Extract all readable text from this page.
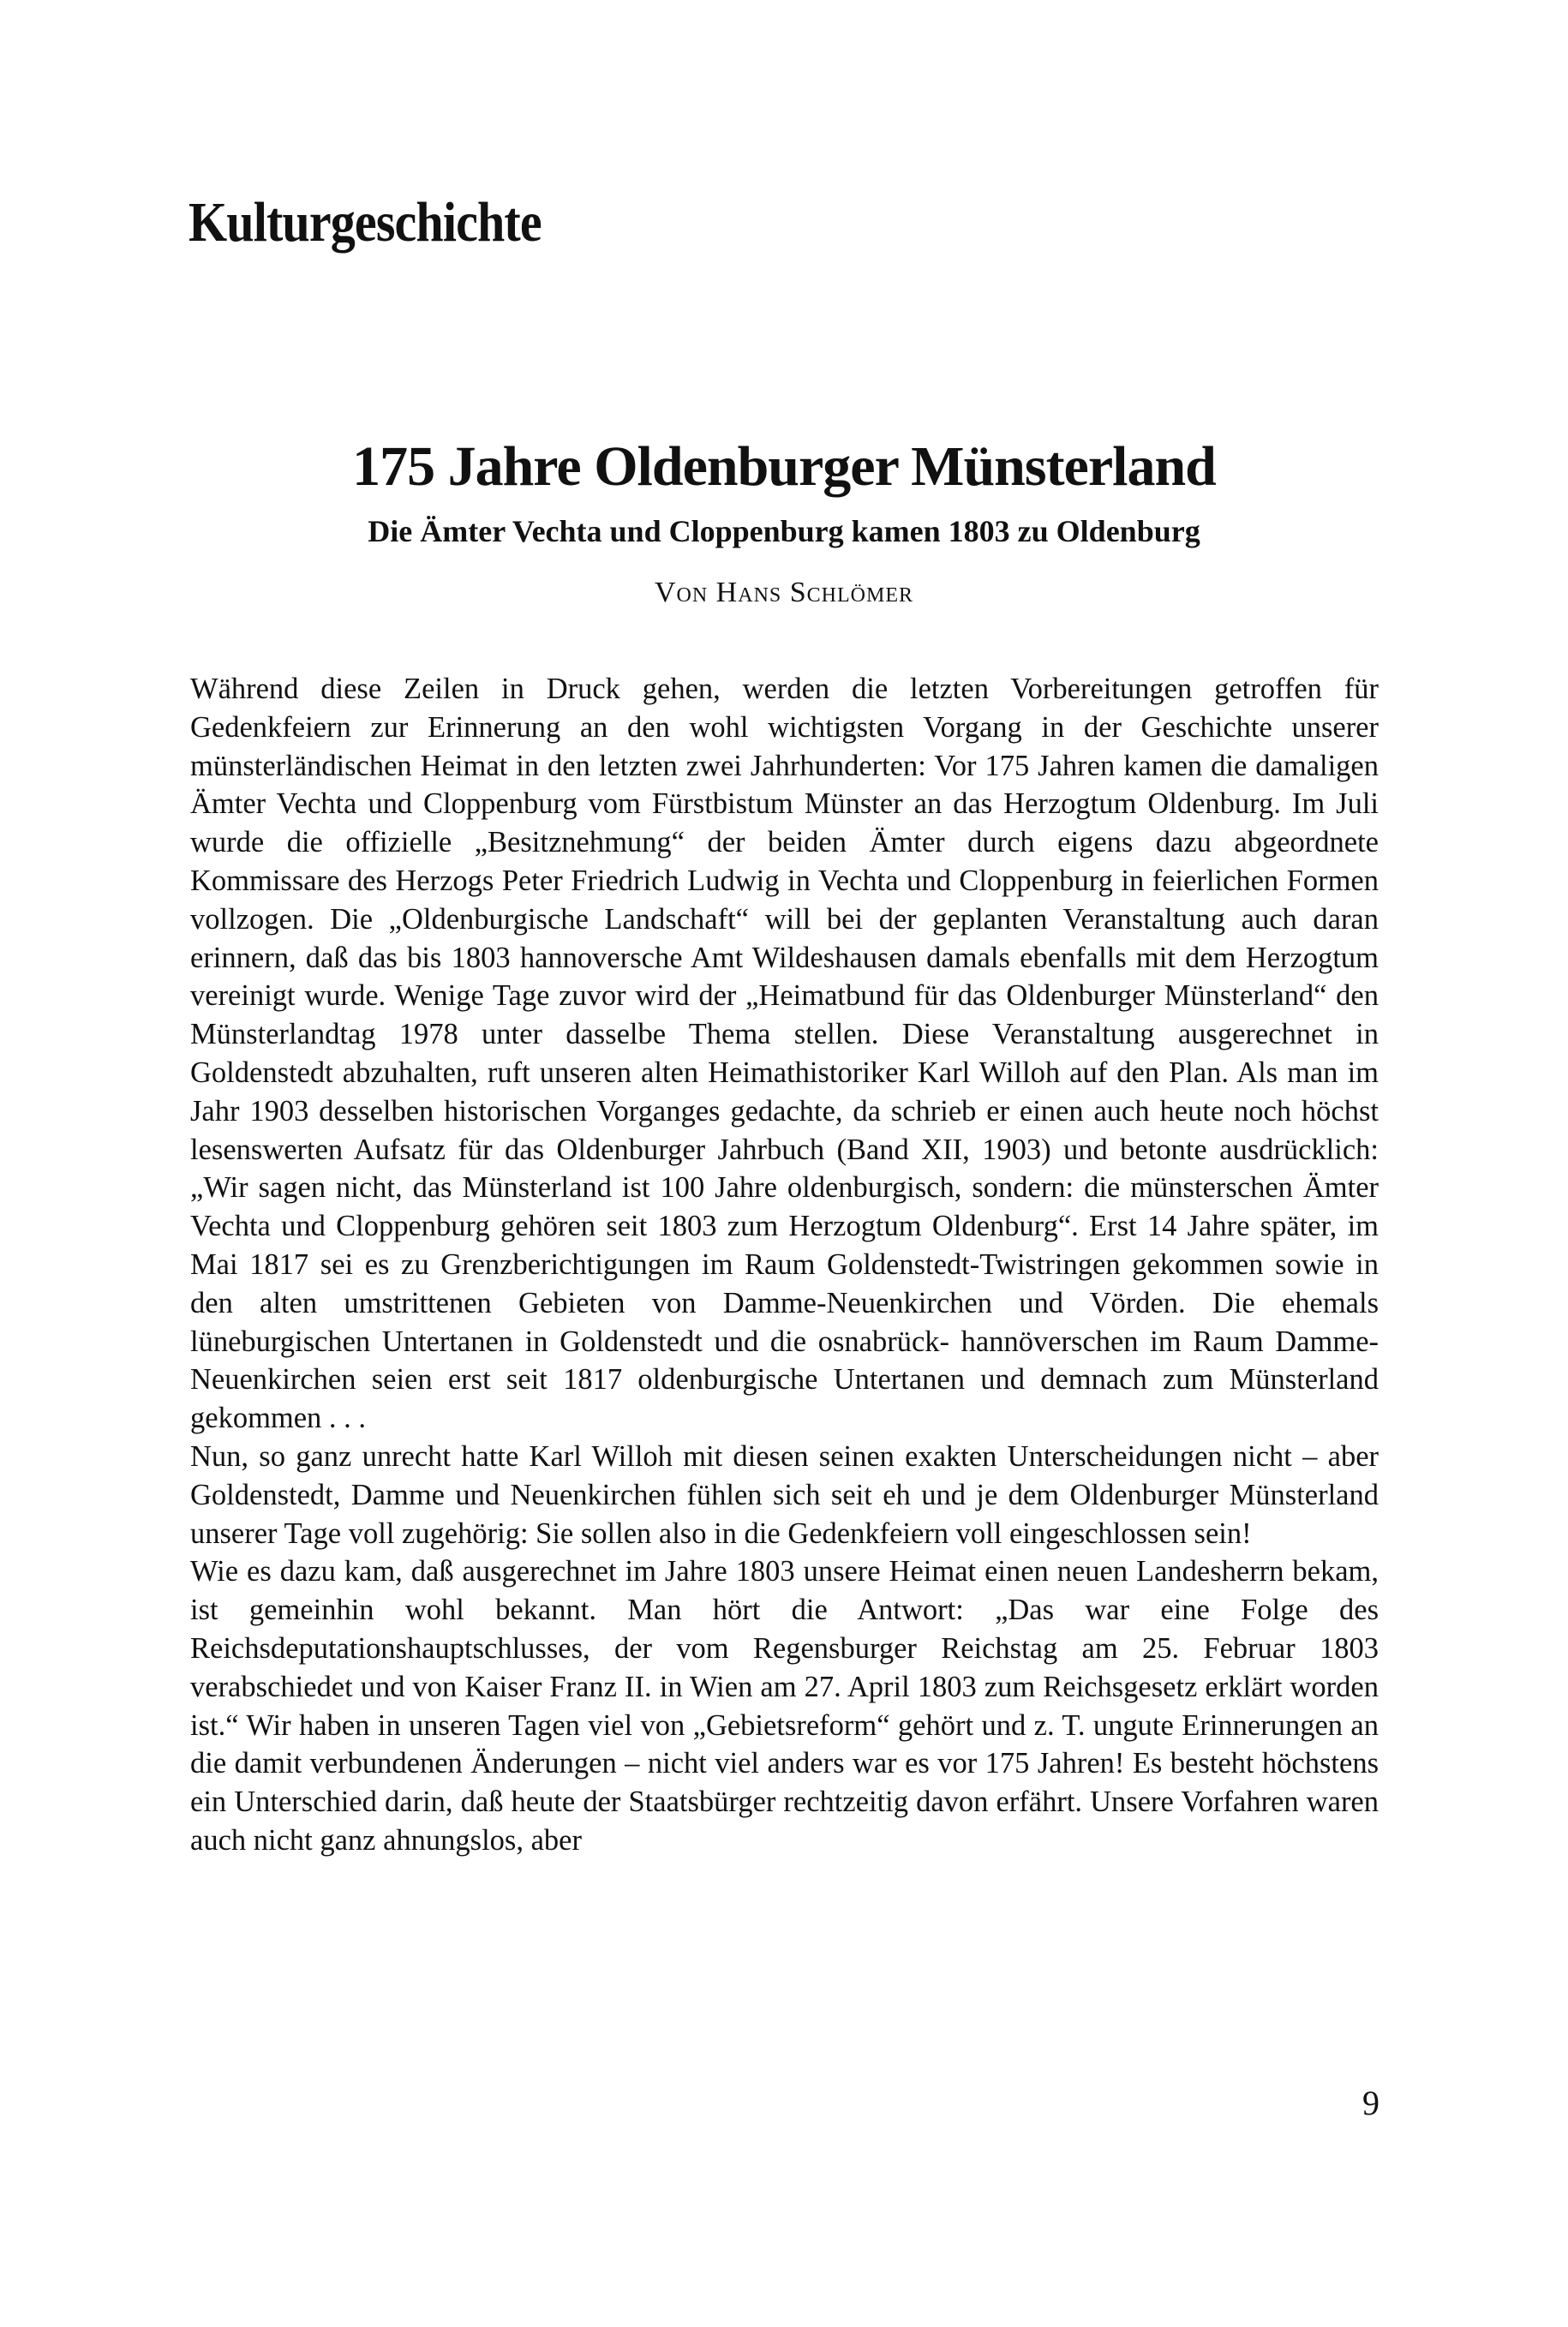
Kulturgeschichte
175 Jahre Oldenburger Münsterland
Die Ämter Vechta und Cloppenburg kamen 1803 zu Oldenburg
Von Hans Schlömer

Während diese Zeilen in Druck gehen, werden die letzten Vorbereitungen getroffen für Gedenkfeiern zur Erinnerung an den wohl wichtigsten Vorgang in der Geschichte unserer münsterländischen Heimat in den letzten zwei Jahrhunderten: Vor 175 Jahren kamen die damaligen Ämter Vechta und Cloppenburg vom Fürstbistum Münster an das Herzogtum Oldenburg. Im Juli wurde die offizielle „Besitznehmung“ der beiden Ämter durch eigens dazu abgeordnete Kommissare des Herzogs Peter Friedrich Ludwig in Vechta und Cloppenburg in feierlichen Formen vollzogen. Die „Oldenburgische Landschaft“ will bei der geplanten Veranstaltung auch daran erinnern, daß das bis 1803 hannoversche Amt Wildeshausen damals ebenfalls mit dem Herzogtum vereinigt wurde. Wenige Tage zuvor wird der „Heimatbund für das Oldenburger Münsterland“ den Münsterlandtag 1978 unter dasselbe Thema stellen. Diese Veranstaltung ausgerechnet in Goldenstedt abzuhalten, ruft unseren alten Heimathistoriker Karl Willoh auf den Plan. Als man im Jahr 1903 desselben historischen Vorganges gedachte, da schrieb er einen auch heute noch höchst lesenswerten Aufsatz für das Oldenburger Jahrbuch (Band XII, 1903) und betonte ausdrücklich: „Wir sagen nicht, das Münsterland ist 100 Jahre oldenburgisch, sondern: die münsterschen Ämter Vechta und Cloppenburg gehören seit 1803 zum Herzogtum Oldenburg“. Erst 14 Jahre später, im Mai 1817 sei es zu Grenzberichtigungen im Raum Goldenstedt-Twistringen gekommen sowie in den alten umstrittenen Gebieten von Damme-Neuenkirchen und Vörden. Die ehemals lüneburgischen Untertanen in Goldenstedt und die osnabrück- hannöverschen im Raum Damme-Neuenkirchen seien erst seit 1817 oldenburgische Untertanen und demnach zum Münsterland gekommen . . .

Nun, so ganz unrecht hatte Karl Willoh mit diesen seinen exakten Unterscheidungen nicht – aber Goldenstedt, Damme und Neuenkirchen fühlen sich seit eh und je dem Oldenburger Münsterland unserer Tage voll zugehörig: Sie sollen also in die Gedenkfeiern voll eingeschlossen sein!

Wie es dazu kam, daß ausgerechnet im Jahre 1803 unsere Heimat einen neuen Landesherrn bekam, ist gemeinhin wohl bekannt. Man hört die Antwort: „Das war eine Folge des Reichsdeputationshauptschlusses, der vom Regensburger Reichstag am 25. Februar 1803 verabschiedet und von Kaiser Franz II. in Wien am 27. April 1803 zum Reichsgesetz erklärt worden ist.“ Wir haben in unseren Tagen viel von „Gebietsreform“ gehört und z. T. ungute Erinnerungen an die damit verbundenen Änderungen – nicht viel anders war es vor 175 Jahren! Es besteht höchstens ein Unterschied darin, daß heute der Staatsbürger rechtzeitig davon erfährt. Unsere Vorfahren waren auch nicht ganz ahnungslos, aber

9
